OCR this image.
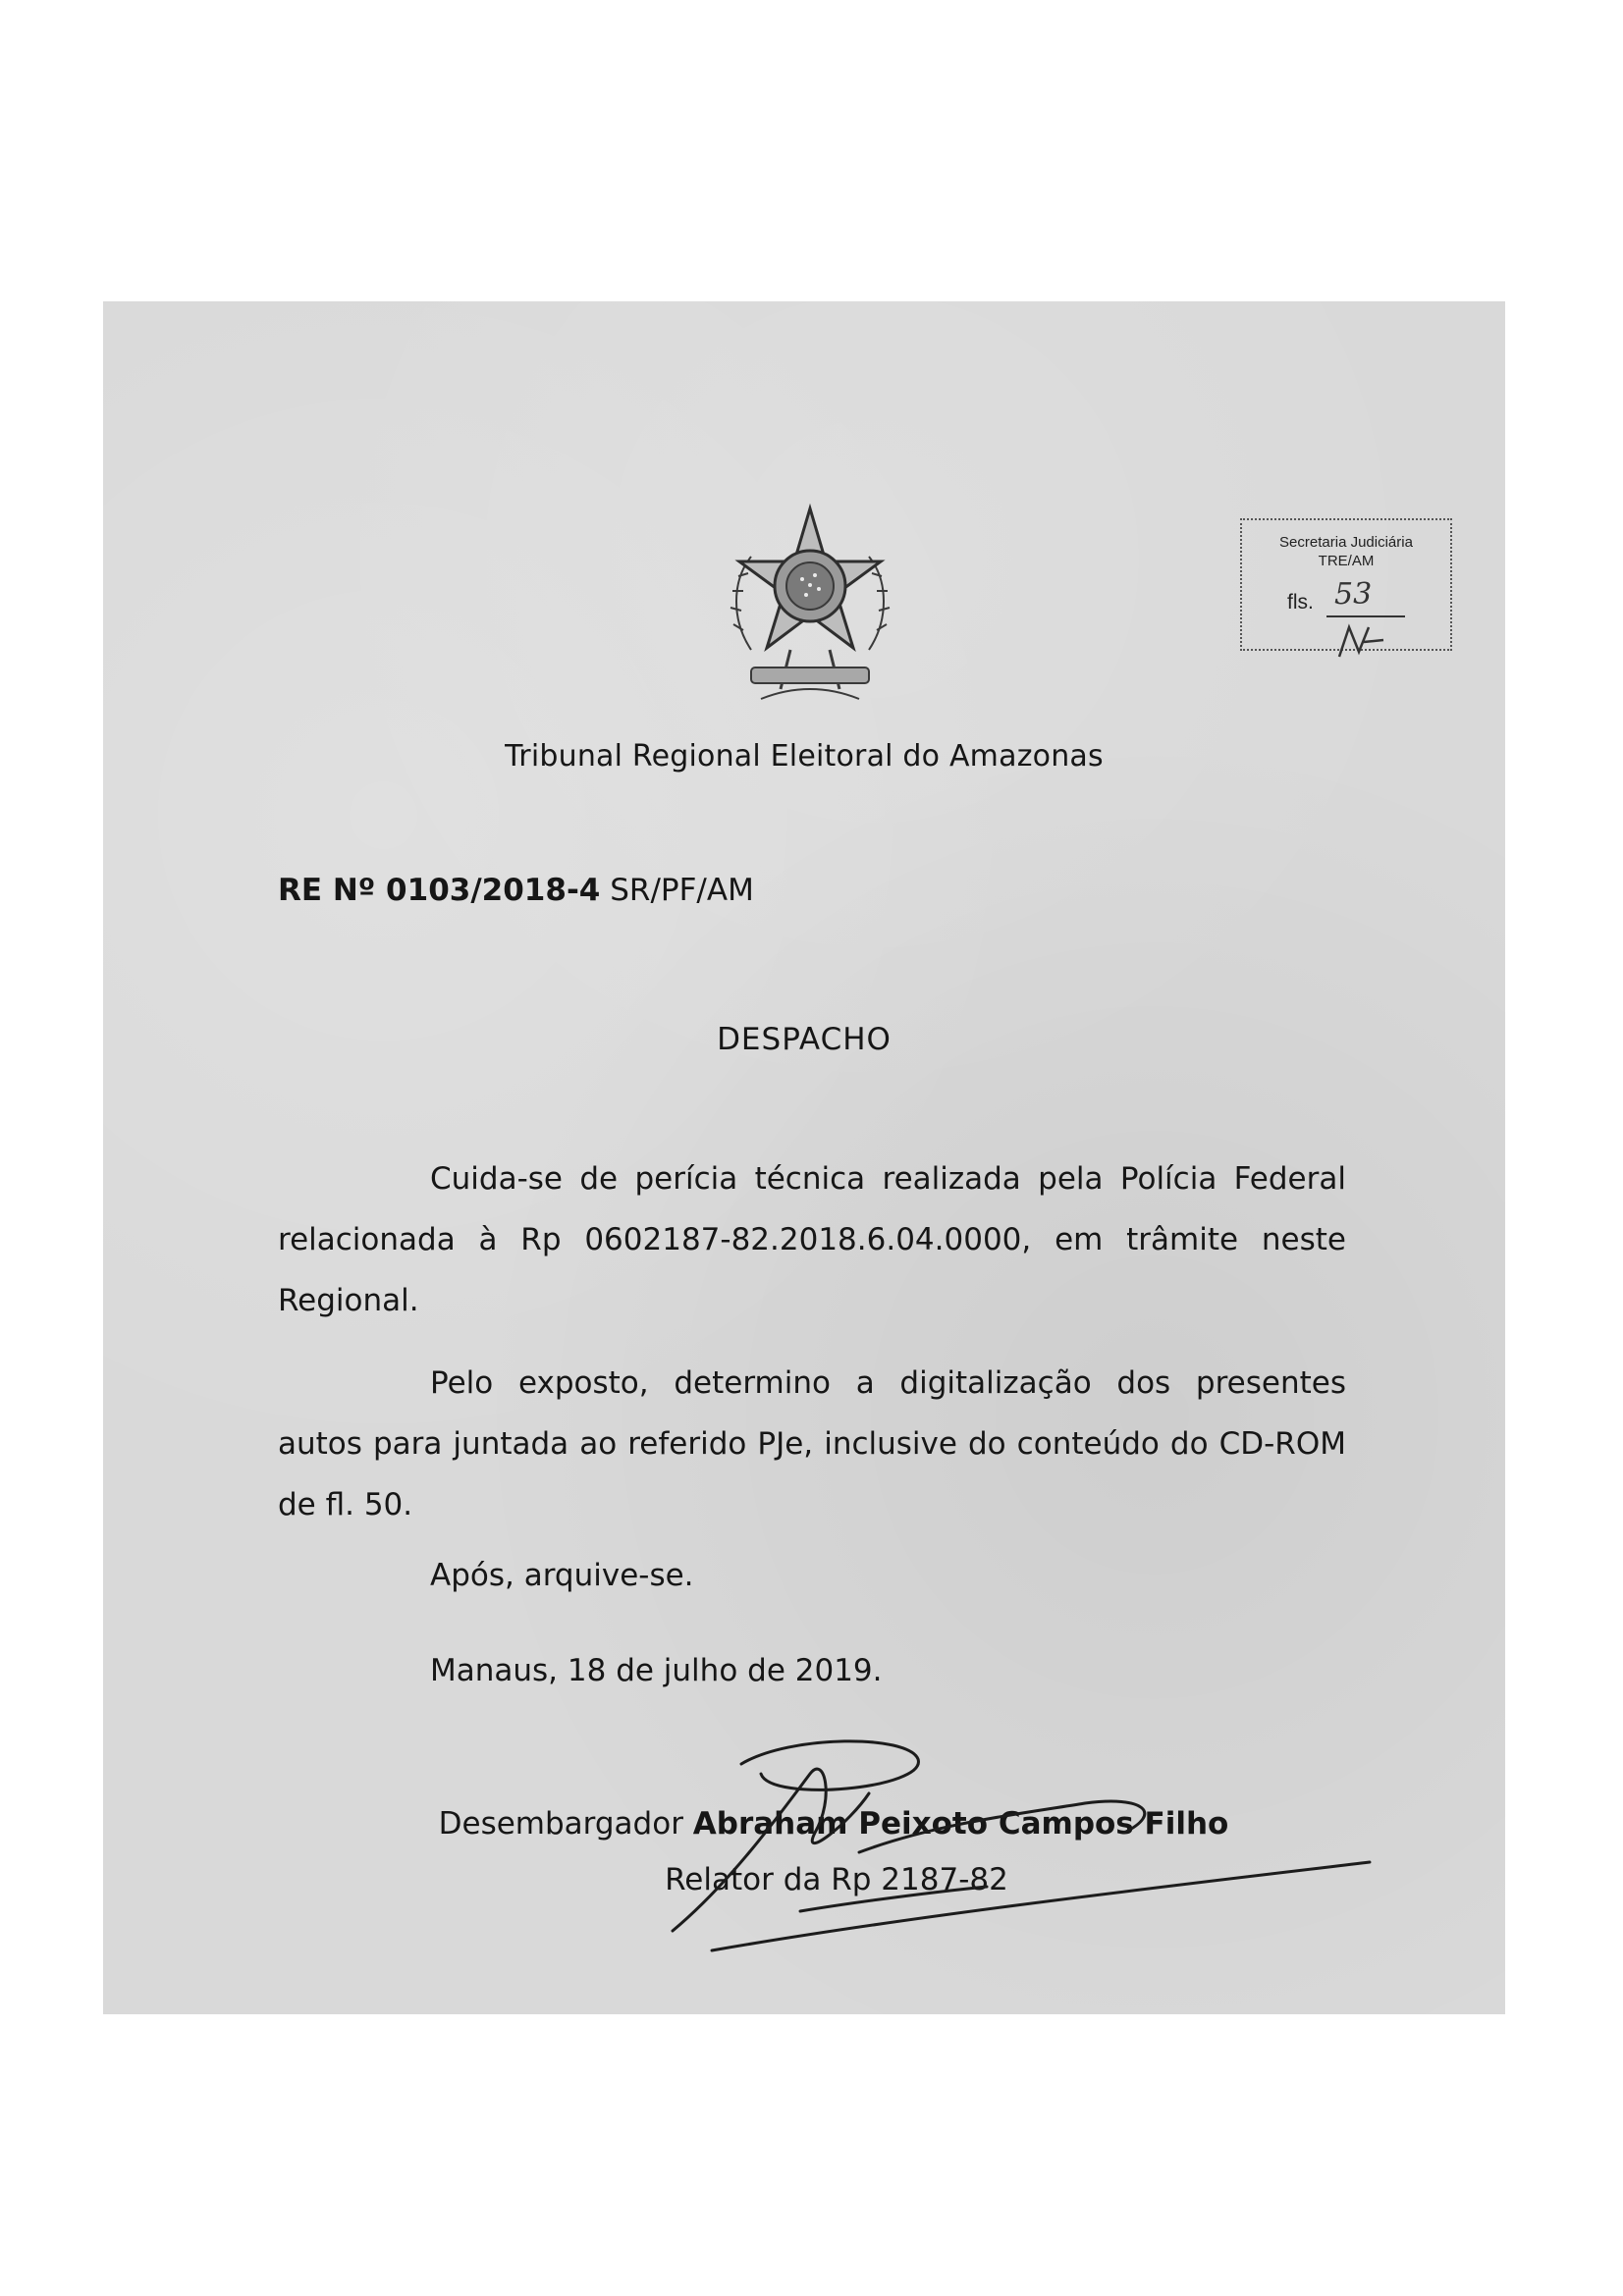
Secretaria Judiciária
TRE/AM
fls. 53
Tribunal Regional Eleitoral do Amazonas
RE Nº 0103/2018-4 SR/PF/AM
DESPACHO
Cuida-se de perícia técnica realizada pela Polícia Federal relacionada à Rp 0602187-82.2018.6.04.0000, em trâmite neste Regional.
Pelo exposto, determino a digitalização dos presentes autos para juntada ao referido PJe, inclusive do conteúdo do CD-ROM de fl. 50.
Após, arquive-se.
Manaus, 18 de julho de 2019.
Desembargador Abraham Peixoto Campos Filho
Relator da Rp 2187-82
